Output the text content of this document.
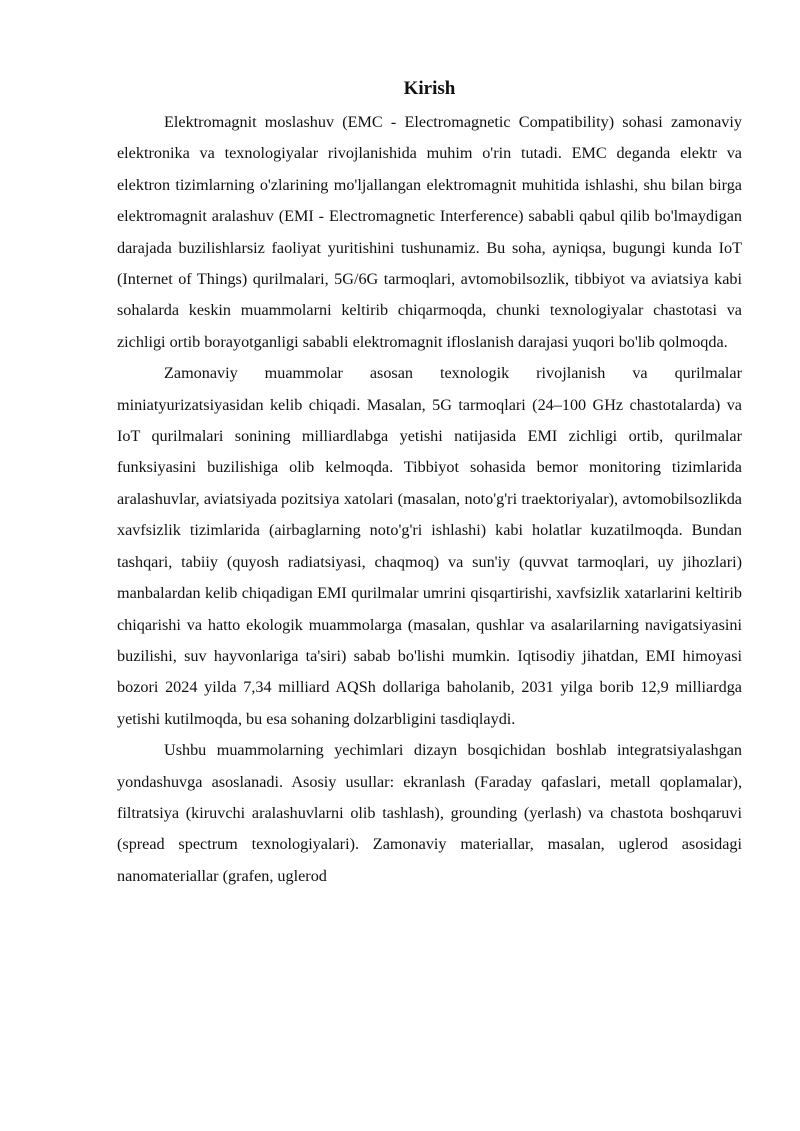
Kirish

Elektromagnit moslashuv (EMC - Electromagnetic Compatibility) sohasi zamonaviy elektronika va texnologiyalar rivojlanishida muhim o'rin tutadi. EMC deganda elektr va elektron tizimlarning o'zlarining mo'ljallangan elektromagnit muhitida ishlashi, shu bilan birga elektromagnit aralashuv (EMI - Electromagnetic Interference) sababli qabul qilib bo'lmaydigan darajada buzilishlarsiz faoliyat yuritishini tushunamiz. Bu soha, ayniqsa, bugungi kunda IoT (Internet of Things) qurilmalari, 5G/6G tarmoqlari, avtomobilsozlik, tibbiyot va aviatsiya kabi sohalarda keskin muammolarni keltirib chiqarmoqda, chunki texnologiyalar chastotasi va zichligi ortib borayotganligi sababli elektromagnit ifloslanish darajasi yuqori bo'lib qolmoqda.

Zamonaviy muammolar asosan texnologik rivojlanish va qurilmalar miniatyurizatsiyasidan kelib chiqadi. Masalan, 5G tarmoqlari (24–100 GHz chastotalarda) va IoT qurilmalari sonining milliardlabga yetishi natijasida EMI zichligi ortib, qurilmalar funksiyasini buzilishiga olib kelmoqda. Tibbiyot sohasida bemor monitoring tizimlarida aralashuvlar, aviatsiyada pozitsiya xatolari (masalan, noto'g'ri traektoriyalar), avtomobilsozlikda xavfsizlik tizimlarida (airbaglarning noto'g'ri ishlashi) kabi holatlar kuzatilmoqda. Bundan tashqari, tabiiy (quyosh radiatsiyasi, chaqmoq) va sun'iy (quvvat tarmoqlari, uy jihozlari) manbalardan kelib chiqadigan EMI qurilmalar umrini qisqartirishi, xavfsizlik xatarlarini keltirib chiqarishi va hatto ekologik muammolarga (masalan, qushlar va asalarilarning navigatsiyasini buzilishi, suv hayvonlariga ta'siri) sabab bo'lishi mumkin. Iqtisodiy jihatdan, EMI himoyasi bozori 2024 yilda 7,34 milliard AQSh dollariga baholanib, 2031 yilga borib 12,9 milliardga yetishi kutilmoqda, bu esa sohaning dolzarbligini tasdiqlaydi.

Ushbu muammolarning yechimlari dizayn bosqichidan boshlab integratsiyalashgan yondashuvga asoslanadi. Asosiy usullar: ekranlash (Faraday qafaslari, metall qoplamalar), filtratsiya (kiruvchi aralashuvlarni olib tashlash), grounding (yerlash) va chastota boshqaruvi (spread spectrum texnologiyalari). Zamonaviy materiallar, masalan, uglerod asosidagi nanomateriallar (grafen, uglerod
